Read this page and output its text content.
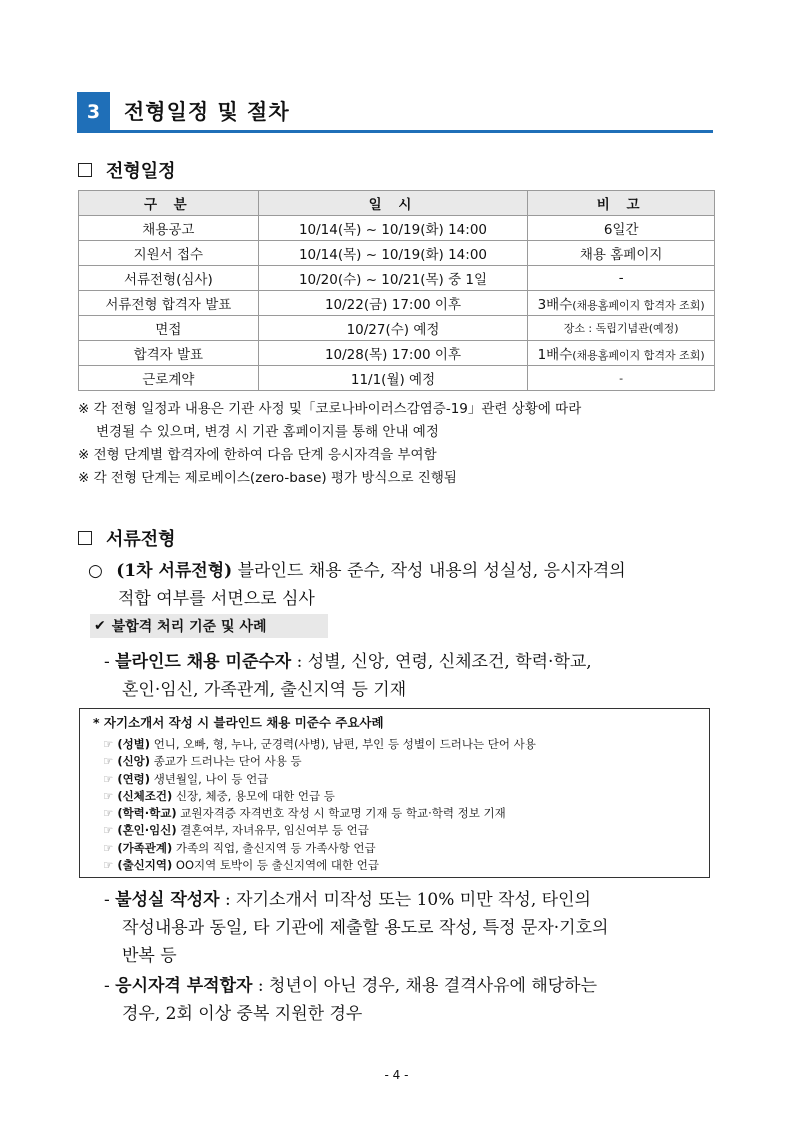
3	전형일정 및 절차
전형일정
구 분	일 시	비 고
채용공고	10/14(목) ~ 10/19(화) 14:00	6일간
지원서 접수	10/14(목) ~ 10/19(화) 14:00	채용 홈페이지
서류전형(심사)	10/20(수) ~ 10/21(목) 중 1일	-
서류전형 합격자 발표	10/22(금) 17:00 이후	3배수(채용홈페이지 합격자 조회)
면접	10/27(수) 예정	장소 : 독립기념관(예정)
합격자 발표	10/28(목) 17:00 이후	1배수(채용홈페이지 합격자 조회)
근로계약	11/1(월) 예정	-
※ 각 전형 일정과 내용은 기관 사정 및「코로나바이러스감염증-19」관련 상황에 따라
변경될 수 있으며, 변경 시 기관 홈페이지를 통해 안내 예정
※ 전형 단계별 합격자에 한하여 다음 단계 응시자격을 부여함
※ 각 전형 단계는 제로베이스(zero-base) 평가 방식으로 진행됨
서류전형
○ (1차 서류전형) 블라인드 채용 준수, 작성 내용의 성실성, 응시자격의
적합 여부를 서면으로 심사
✔ 불합격 처리 기준 및 사례
- 블라인드 채용 미준수자 : 성별, 신앙, 연령, 신체조건, 학력·학교,
혼인·임신, 가족관계, 출신지역 등 기재
* 자기소개서 작성 시 블라인드 채용 미준수 주요사례
☞ (성별) 언니, 오빠, 형, 누나, 군경력(사병), 남편, 부인 등 성별이 드러나는 단어 사용
☞ (신앙) 종교가 드러나는 단어 사용 등
☞ (연령) 생년월일, 나이 등 언급
☞ (신체조건) 신장, 체중, 용모에 대한 언급 등
☞ (학력·학교) 교원자격증 자격번호 작성 시 학교명 기재 등 학교·학력 정보 기재
☞ (혼인·임신) 결혼여부, 자녀유무, 임신여부 등 언급
☞ (가족관계) 가족의 직업, 출신지역 등 가족사항 언급
☞ (출신지역) OO지역 토박이 등 출신지역에 대한 언급
- 불성실 작성자 : 자기소개서 미작성 또는 10% 미만 작성, 타인의
작성내용과 동일, 타 기관에 제출할 용도로 작성, 특정 문자·기호의
반복 등
- 응시자격 부적합자 : 청년이 아닌 경우, 채용 결격사유에 해당하는
경우, 2회 이상 중복 지원한 경우
- 4 -
